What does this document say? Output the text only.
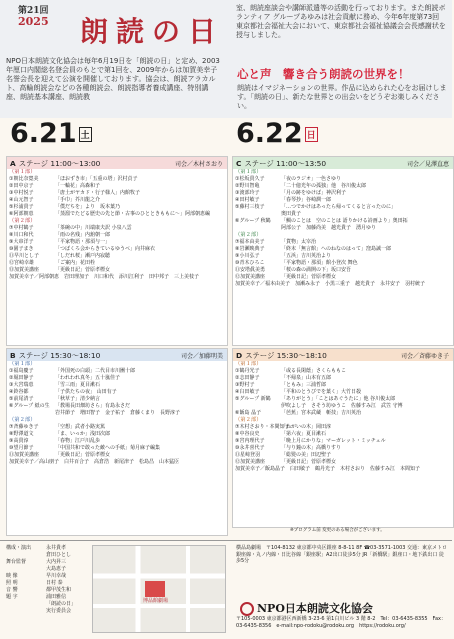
第21回
2025 朗読の日
NPO日本朗読文化協会は毎年6月19日を「朗読の日」と定め、2003年厘口内閣総名登会員のもとで第1回を、2009年からは加賀美幸子名誉会長を迎えて公演を開催しております。協会は、朗読アラカルト、高輪朗読会などの各種朗読会、朗読指導者養成講座、特別講座、朗読基本講座、朗読教
室、朗読座談会や講師派遣等の活動を行っております。また朗読ボランティア グループあゆみは社会貢献に務め、今年6年度第73回東京都社会福祉大会において、東京都社会福祉協議会会長感謝状を授与しました。
心と声　響き合う朗読の世界を！
朗読はイマジネーションの世界。作品に込められた心をお届けします。「朗読の日」、新たな世界との出会いをどうぞお楽しみください。
6.21 土	6.22 日
A ステージ
11:00～13:00	司会／木村さおり
（第１部）
①朝比奈寛美	「ほおずき市」「五重の塔」沢村貞子
②田中京子	「一輪花」高森和子
③中村悦子	「唐土がヤカド・行子様人」内館牧子
④山元智子	「手巾」芥川龍之介
⑤杉浦貴子	「僕だちを」より　坂本葉乃
⑥阿部朝恵	「蒸溜でたどる歴史の先と節・古事のひとときももに～」阿部朝恵編
（第２部）
⑦中村鶴子	「茶碗の中」川端康夫訳 小泉八雲
⑧川口和代	「雨の名残」内舘朝一郎
⑨大串洋子	「平家物語・那須与一」
⑩園子まき	「つばくろ会からきているゆうべ」向井麻衣
⑪早川とし子	「しだれ桜」瀬戸内寂聴
⑫宮崎幸雄	「ご案内」花田栓
⑬加賀美講座	「更級日記」菅原孝標女
加賀美幸子／阿部朝恵　岩田理加子　川口和代　添川江利子　田中邦子　三上美枝子
B ステージ
15:30～18:10	司会／加藤明美
（第１部）
①福鳥慶子	「外国死の白頭」二代目市川團十郎
②堀田静子	「われわれ真冬」五十嵐佳子
③大宮瑞恵	「雪三雨」夏目漱石
④鈴谷都	「子供たちの夜」 山田有子
⑤前尾清子	「秋草子」清少納言
⑥グループ 紙の生	「教場長田畑坊さら」有島永さだ

岩井節子　増田智子　金子祐子　倉藤くまり　長野淳子
（第２部）
⑦斉藤ゆき子	「空想」武者小路実篤
⑧野澤道文	「ま、いっか」浅田次郎
⑨高貴淳	「春物」江戸川乱歩
⑩望月節子	「中国共和で敢った敵への手紙」菊月麻子編集
⑪加賀美講座	「更級日記」菅原孝標女
加賀美幸子／高山朋子　白井百合子　高倉浩　新尾津子　松島昌　山本猛臣
C ステージ
11:00～13:50	司会／見澤直恵
（第１部）
①松坂貴久子	「夜のラジオ」一色さゆり
②野川智亀	「二十億光年の孤独」他　谷川俊太郎
③渡部玲子	「月の跡をゆけば」神沢利子
④田村敏子	「春琴抄」谷崎潤一郎
⑤藤村三枝子	「…つでかけはあったら帰ってくると言ったのに」

奥田貴子
⑥グループ 秋鶴	「鯛のことは　空のことは 語りかける詩画より」奥田拓

阿部公子　加藤尚美　越光貴子　湧月ゆり
（第２部）
⑦福本由美子	「貨物」太宰治
⑧岩瀬映典子	「終末「無言館」へのねなのはって」窪島誠一郎
⑨小川弘子	「五浜」吉川英治より
⑩青木ひろこ	「平家物語・那須」館小登次 舞色
⑪安塔眞美勇	「桜の森の満開の下」坂口安吾
⑫加賀美講座	「更級日記」菅原孝標女
加賀美幸子／福本由美子　加瀬み永子　小黒三重子　越光貴子　永井安子　羽村統子
D ステージ
15:30～18:10	司会／斉藤ゆき子
（第１部）
①鶴丹光子	「或る長閑蔭」さくらももこ
②志田静子	「不帰泉」山本有五郎
③野村子	「ともみ」三浦哲郎
④臼田敏子	「平和のとうびでを葉く」大竹日殺
⑤グループ 新鶴	「ありがとう」「ことはあぐうたに」他 谷川俊太郎

伊吹よし子　さそう坊ゆうこ　佐藤すみ江　武笠 守博
⑥飯島 晶子	「芭蕉」宮本武蔵　斬技」吉川英治
（第２部）
⑦木村さおり・本間知子
「ねがいの木」岡田淳
⑧中谷良史	「第六夜」夏目漱石
⑨宮内理代子	「晩上月にかりな」マーガレット・ミッチェル
⑩永井喜代子	「与り鐘の木」高橋りすり
⑪星﨑登羽	「総髪の美」田辺聖子
⑫加賀美講座	「更級日記」菅原孝標女
加賀美幸子／飯島晶子　臼田敏子　鶴丹光子　木村さおり　佐藤すみ江　本間知子
※プログラム前 変更のある場合がございます。
構成・演出	永井貴孝
倉田ひとし
舞台監督	大内昇三
大島恵子
映 像	早川幸哉
照 明	日村 泰
音 響	都甲茂生和
題 字	浦田雅信
「朗読の日」
実行委員会
博品館劇場
横品島劇場　〒104-8132 東京都中央区銀座 8-8-11 8F ☎03-3571-1003 交通：東京メトロ銀座線・丸ノ内線・日比谷線「銀座駅」A2出口徒歩5分 JR「新橋駅」銀座口・地下鉄出口 徒歩5分
NPO日本朗読文化協会
〒105-0003 東京都港区西新橋 3-23-6 第1白川ビル 3 階 8-2　Tel：03-6435-8355　Fax：03-6435-8356　e-mail:npo-rodoku@rodoku.org　https://rodoku.org/
